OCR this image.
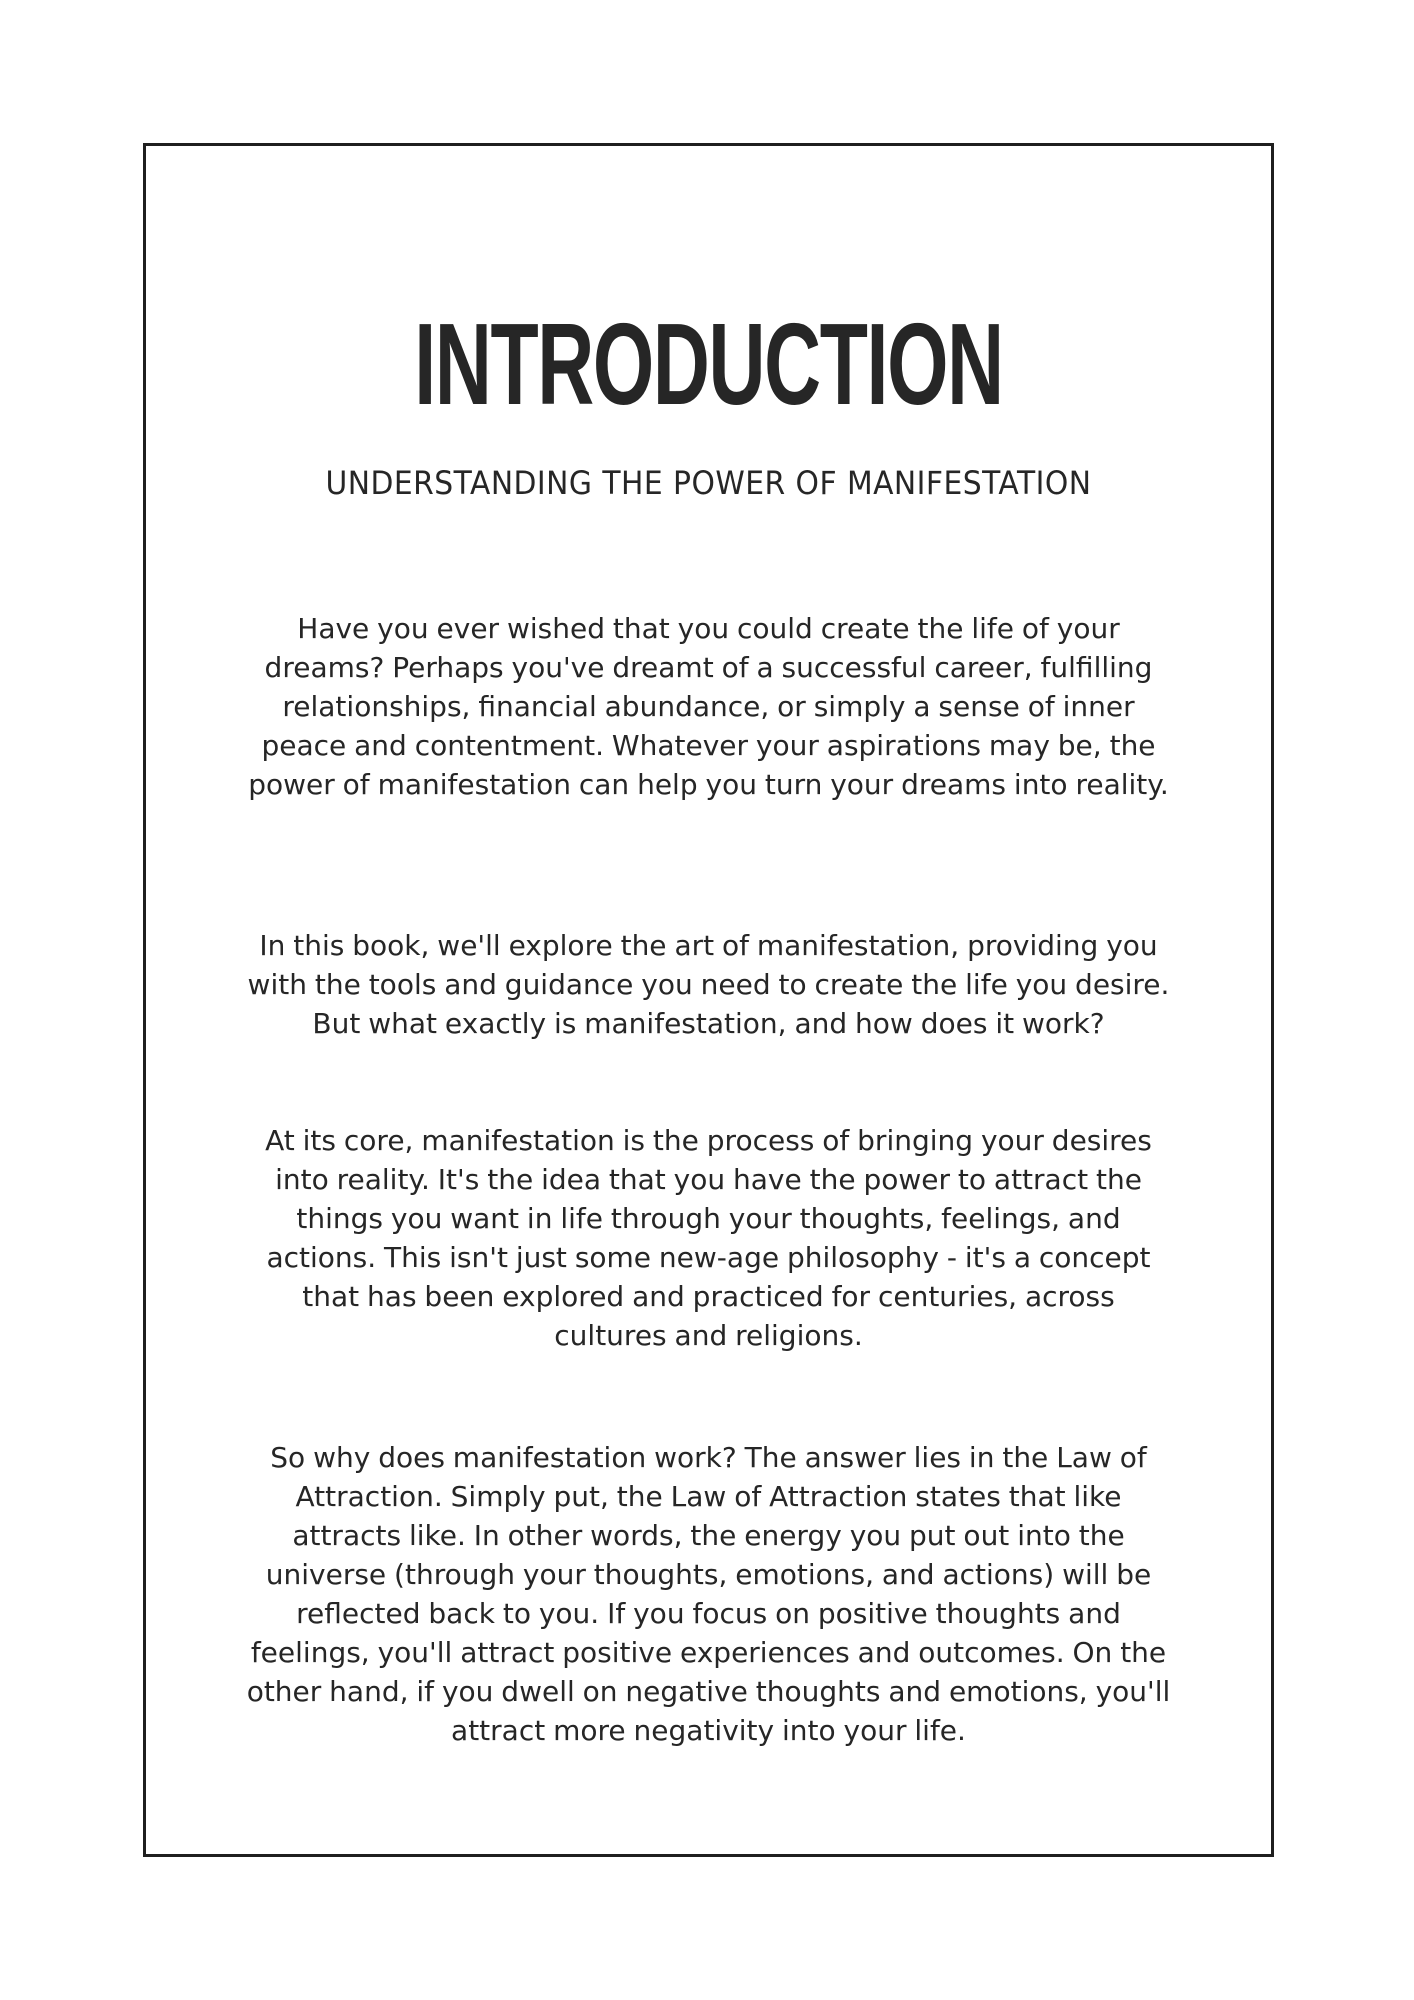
INTRODUCTION
UNDERSTANDING THE POWER OF MANIFESTATION

Have you ever wished that you could create the life of your dreams? Perhaps you've dreamt of a successful career, fulfilling relationships, financial abundance, or simply a sense of inner peace and contentment. Whatever your aspirations may be, the power of manifestation can help you turn your dreams into reality.

In this book, we'll explore the art of manifestation, providing you with the tools and guidance you need to create the life you desire. But what exactly is manifestation, and how does it work?

At its core, manifestation is the process of bringing your desires into reality. It's the idea that you have the power to attract the things you want in life through your thoughts, feelings, and actions. This isn't just some new-age philosophy - it's a concept that has been explored and practiced for centuries, across cultures and religions.

So why does manifestation work? The answer lies in the Law of Attraction. Simply put, the Law of Attraction states that like attracts like. In other words, the energy you put out into the universe (through your thoughts, emotions, and actions) will be reflected back to you. If you focus on positive thoughts and feelings, you'll attract positive experiences and outcomes. On the other hand, if you dwell on negative thoughts and emotions, you'll attract more negativity into your life.
